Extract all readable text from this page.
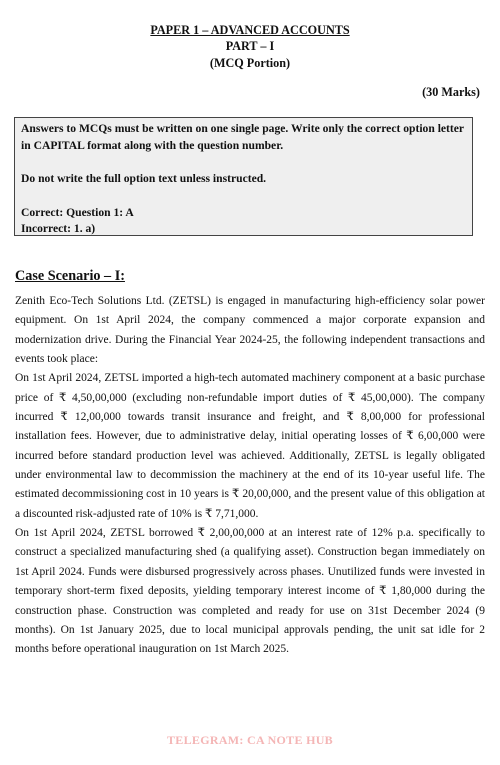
PAPER 1 – ADVANCED ACCOUNTS
PART – I
(MCQ Portion)
(30 Marks)

Answers to MCQs must be written on one single page. Write only the correct option letter in CAPITAL format along with the question number.

Do not write the full option text unless instructed.

Correct: Question 1: A

Incorrect: 1. a)

Case Scenario – I:

Zenith Eco-Tech Solutions Ltd. (ZETSL) is engaged in manufacturing high-efficiency solar power equipment. On 1st April 2024, the company commenced a major corporate expansion and modernization drive. During the Financial Year 2024-25, the following independent transactions and events took place:

On 1st April 2024, ZETSL imported a high-tech automated machinery component at a basic purchase price of ₹ 4,50,00,000 (excluding non-refundable import duties of ₹ 45,00,000). The company incurred ₹ 12,00,000 towards transit insurance and freight, and ₹ 8,00,000 for professional installation fees. However, due to administrative delay, initial operating losses of ₹ 6,00,000 were incurred before standard production level was achieved. Additionally, ZETSL is legally obligated under environmental law to decommission the machinery at the end of its 10-year useful life. The estimated decommissioning cost in 10 years is ₹ 20,00,000, and the present value of this obligation at a discounted risk-adjusted rate of 10% is ₹ 7,71,000.

On 1st April 2024, ZETSL borrowed ₹ 2,00,00,000 at an interest rate of 12% p.a. specifically to construct a specialized manufacturing shed (a qualifying asset). Construction began immediately on 1st April 2024. Funds were disbursed progressively across phases. Unutilized funds were invested in temporary short-term fixed deposits, yielding temporary interest income of ₹ 1,80,000 during the construction phase. Construction was completed and ready for use on 31st December 2024 (9 months). On 1st January 2025, due to local municipal approvals pending, the unit sat idle for 2 months before operational inauguration on 1st March 2025.

TELEGRAM: CA NOTE HUB
